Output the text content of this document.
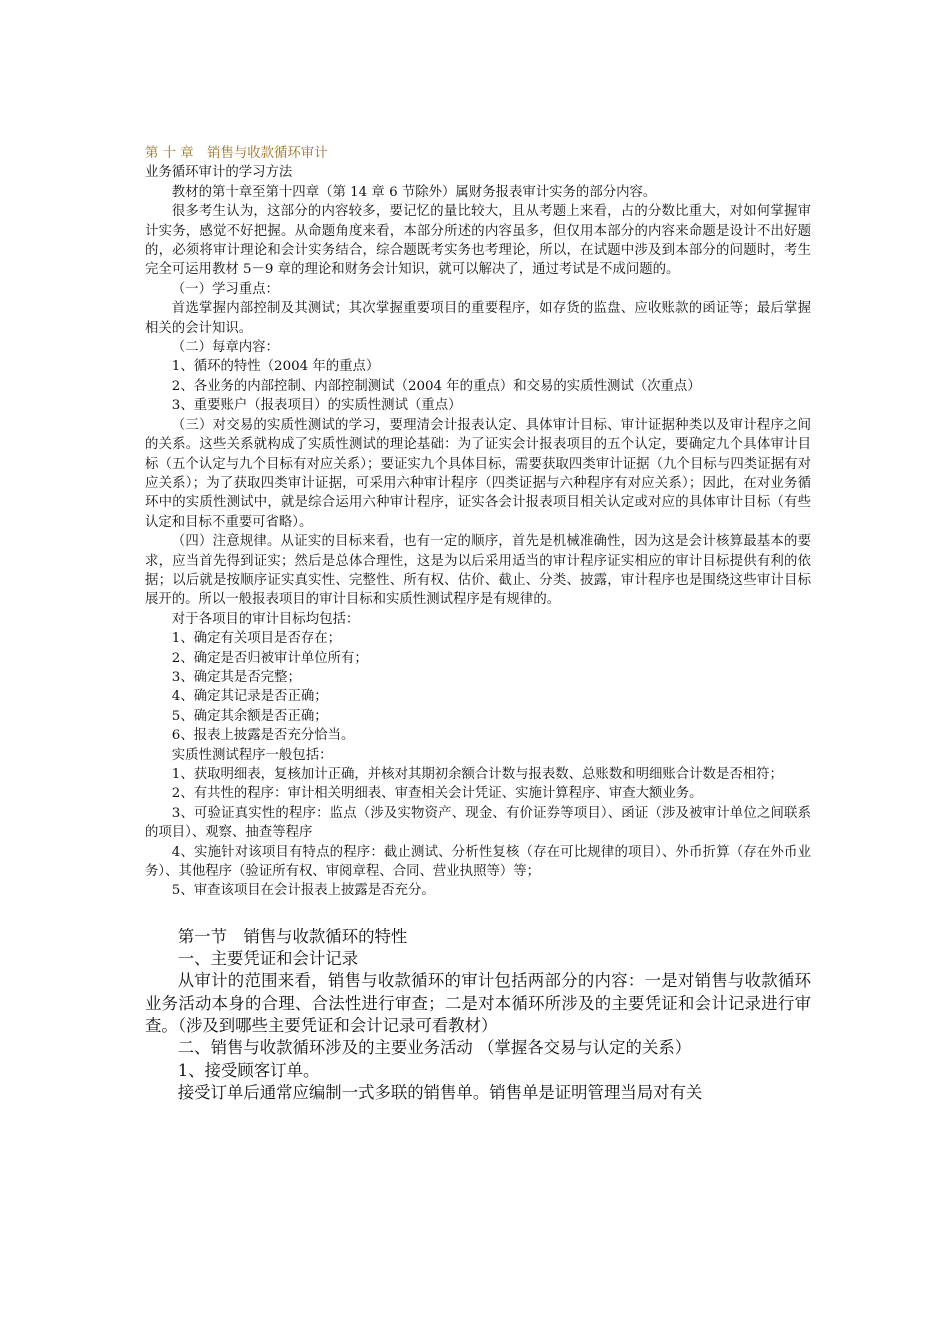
第 十 章　销售与收款循环审计

业务循环审计的学习方法

教材的第十章至第十四章（第 14 章 6 节除外）属财务报表审计实务的部分内容。

很多考生认为，这部分的内容较多，要记忆的量比较大，且从考题上来看，占的分数比重大，对如何掌握审计实务，感觉不好把握。从命题角度来看，本部分所述的内容虽多，但仅用本部分的内容来命题是设计不出好题的，必须将审计理论和会计实务结合，综合题既考实务也考理论，所以，在试题中涉及到本部分的问题时，考生完全可运用教材 5－9 章的理论和财务会计知识，就可以解决了，通过考试是不成问题的。

（一）学习重点：

首选掌握内部控制及其测试；其次掌握重要项目的重要程序，如存货的监盘、应收账款的函证等；最后掌握相关的会计知识。

（二）每章内容：

1、循环的特性（2004 年的重点）

2、各业务的内部控制、内部控制测试（2004 年的重点）和交易的实质性测试（次重点）

3、重要账户（报表项目）的实质性测试（重点）

（三）对交易的实质性测试的学习，要理清会计报表认定、具体审计目标、审计证据种类以及审计程序之间的关系。这些关系就构成了实质性测试的理论基础：为了证实会计报表项目的五个认定，要确定九个具体审计目标（五个认定与九个目标有对应关系）；要证实九个具体目标，需要获取四类审计证据（九个目标与四类证据有对应关系）；为了获取四类审计证据，可采用六种审计程序（四类证据与六种程序有对应关系）；因此，在对业务循环中的实质性测试中，就是综合运用六种审计程序，证实各会计报表项目相关认定或对应的具体审计目标（有些认定和目标不重要可省略）。

（四）注意规律。从证实的目标来看，也有一定的顺序，首先是机械准确性，因为这是会计核算最基本的要求，应当首先得到证实；然后是总体合理性，这是为以后采用适当的审计程序证实相应的审计目标提供有利的依据；以后就是按顺序证实真实性、完整性、所有权、估价、截止、分类、披露，审计程序也是围绕这些审计目标展开的。所以一般报表项目的审计目标和实质性测试程序是有规律的。

对于各项目的审计目标均包括：

1、确定有关项目是否存在；

2、确定是否归被审计单位所有；

3、确定其是否完整；

4、确定其记录是否正确；

5、确定其余额是否正确；

6、报表上披露是否充分恰当。

实质性测试程序一般包括：

1、获取明细表，复核加计正确，并核对其期初余额合计数与报表数、总账数和明细账合计数是否相符；

2、有共性的程序：审计相关明细表、审查相关会计凭证、实施计算程序、审查大额业务。

3、可验证真实性的程序：监点（涉及实物资产、现金、有价证券等项目）、函证（涉及被审计单位之间联系的项目）、观察、抽查等程序

4、实施针对该项目有特点的程序：截止测试、分析性复核（存在可比规律的项目）、外币折算（存在外币业务）、其他程序（验证所有权、审阅章程、合同、营业执照等）等；

5、审查该项目在会计报表上披露是否充分。

第一节　销售与收款循环的特性

一、主要凭证和会计记录

从审计的范围来看，销售与收款循环的审计包括两部分的内容：一是对销售与收款循环业务活动本身的合理、合法性进行审查；二是对本循环所涉及的主要凭证和会计记录进行审查。（涉及到哪些主要凭证和会计记录可看教材）

二、销售与收款循环涉及的主要业务活动 （掌握各交易与认定的关系）

1、接受顾客订单。

接受订单后通常应编制一式多联的销售单。销售单是证明管理当局对有关
